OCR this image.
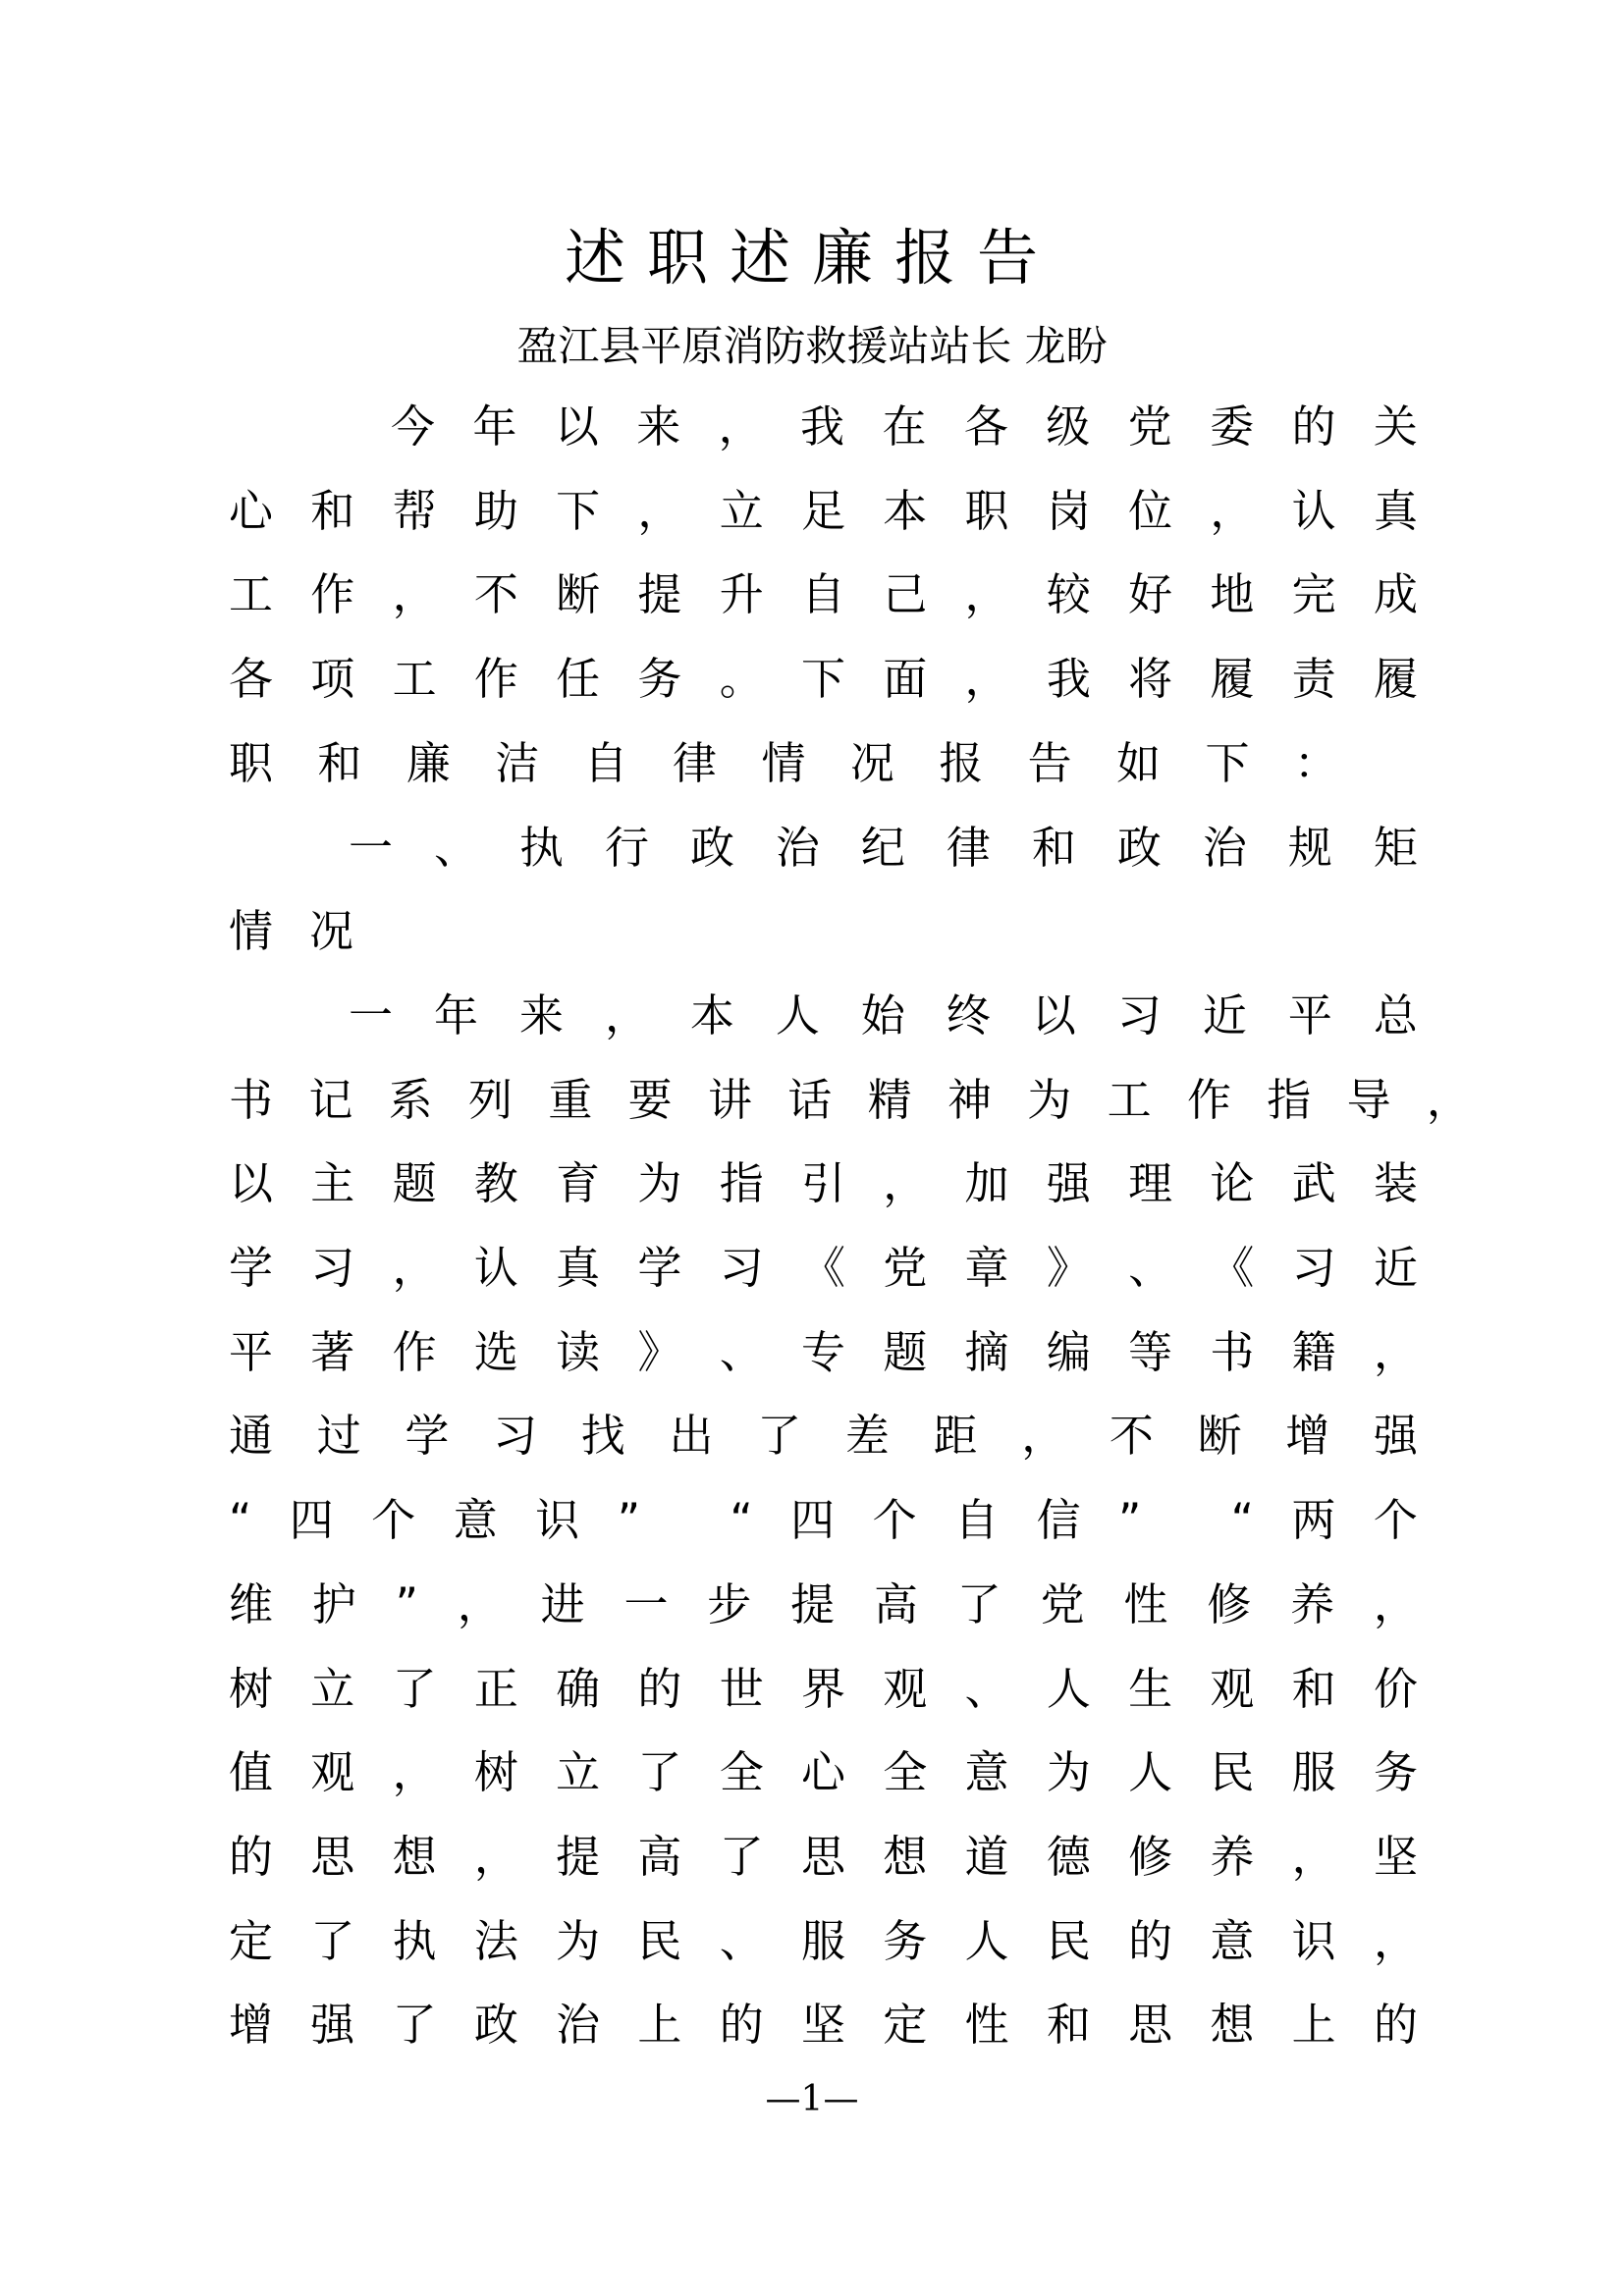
述职述廉报告
盈江县平原消防救援站站长 龙盼
今 年 以 来 ， 我 在 各 级 党 委 的 关
心 和 帮 助 下 ， 立 足 本 职 岗 位 ， 认 真
工 作 ， 不 断 提 升 自 己 ， 较 好 地 完 成
各 项 工 作 任 务 。 下 面 ， 我 将 履 责 履
职 和 廉 洁 自 律 情 况 报 告 如 下 ：
一 、 执 行 政 治 纪 律 和 政 治 规 矩
情 况
一 年 来 ， 本 人 始 终 以 习 近 平 总
书 记 系 列 重 要 讲 话 精 神 为 工 作 指 导 ，
以 主 题 教 育 为 指 引 ， 加 强 理 论 武 装
学 习 ， 认 真 学 习 《 党 章 》 、 《 习 近
平 著 作 选 读 》 、 专 题 摘 编 等 书 籍 ，
通 过 学 习 找 出 了 差 距 ， 不 断 增 强
“ 四 个 意 识 ”
“ 四 个 自 信 ”
“ 两 个
维 护 ” ， 进 一 步 提 高 了 党 性 修 养 ，
树 立 了 正 确 的 世 界 观 、 人 生 观 和 价
值 观 ， 树 立 了 全 心 全 意 为 人 民 服 务
的 思 想 ， 提 高 了 思 想 道 德 修 养 ， 坚
定 了 执 法 为 民 、 服 务 人 民 的 意 识 ，
增 强 了 政 治 上 的 坚 定 性 和 思 想 上 的
—1—
